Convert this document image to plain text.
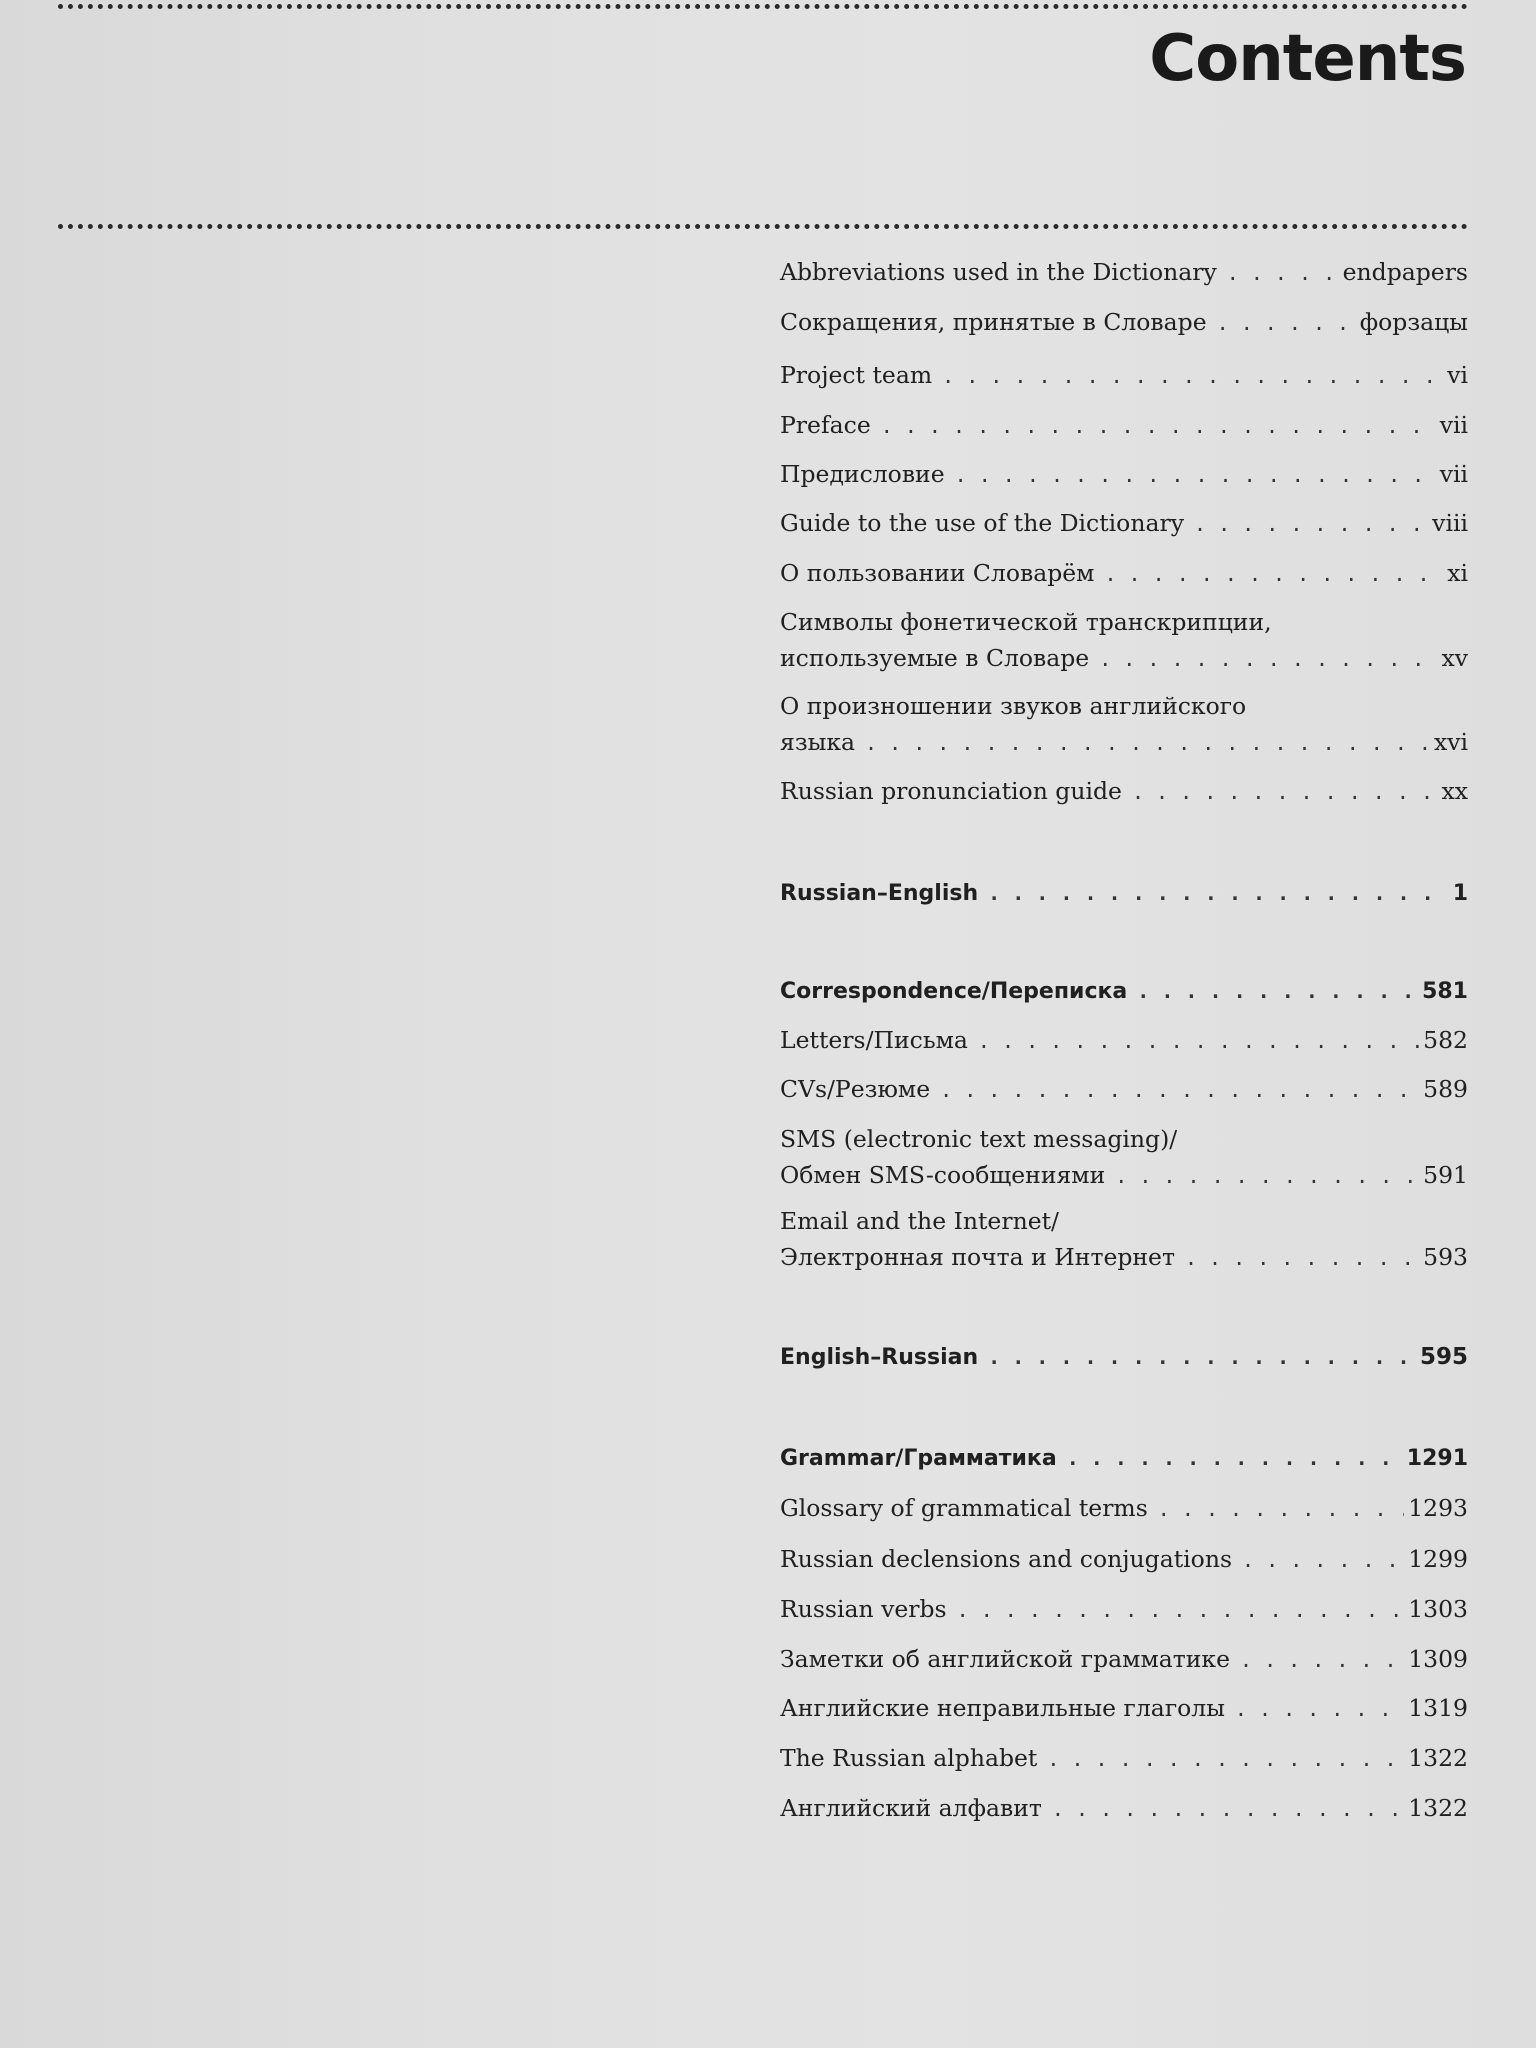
Contents
Abbreviations used in the Dictionary . . .	endpapers
Сокращения, принятые в Словаре . . .	форзацы
Project team . . .	vi
Preface . . .	vii
Предисловие . . .	vii
Guide to the use of the Dictionary . . .	viii
О пользовании Словарём . . .	xi
Символы фонетической транскрипции,
используемые в Словаре . . .	xv
О произношении звуков английского
языка . . .	xvi
Russian pronunciation guide . . .	xx
Russian–English . . .	1
Correspondence/Переписка . . .	581
Letters/Письма . . .	582
CVs/Резюме . . .	589
SMS (electronic text messaging)/
Обмен SMS-сообщениями . . .	591
Email and the Internet/
Электронная почта и Интернет . . .	593
English–Russian . . .	595
Grammar/Грамматика . . .	1291
Glossary of grammatical terms . . .	1293
Russian declensions and conjugations . . .	1299
Russian verbs . . .	1303
Заметки об английской грамматике . . .	1309
Английские неправильные глаголы . . .	1319
The Russian alphabet . . .	1322
Английский алфавит . . .	1322
